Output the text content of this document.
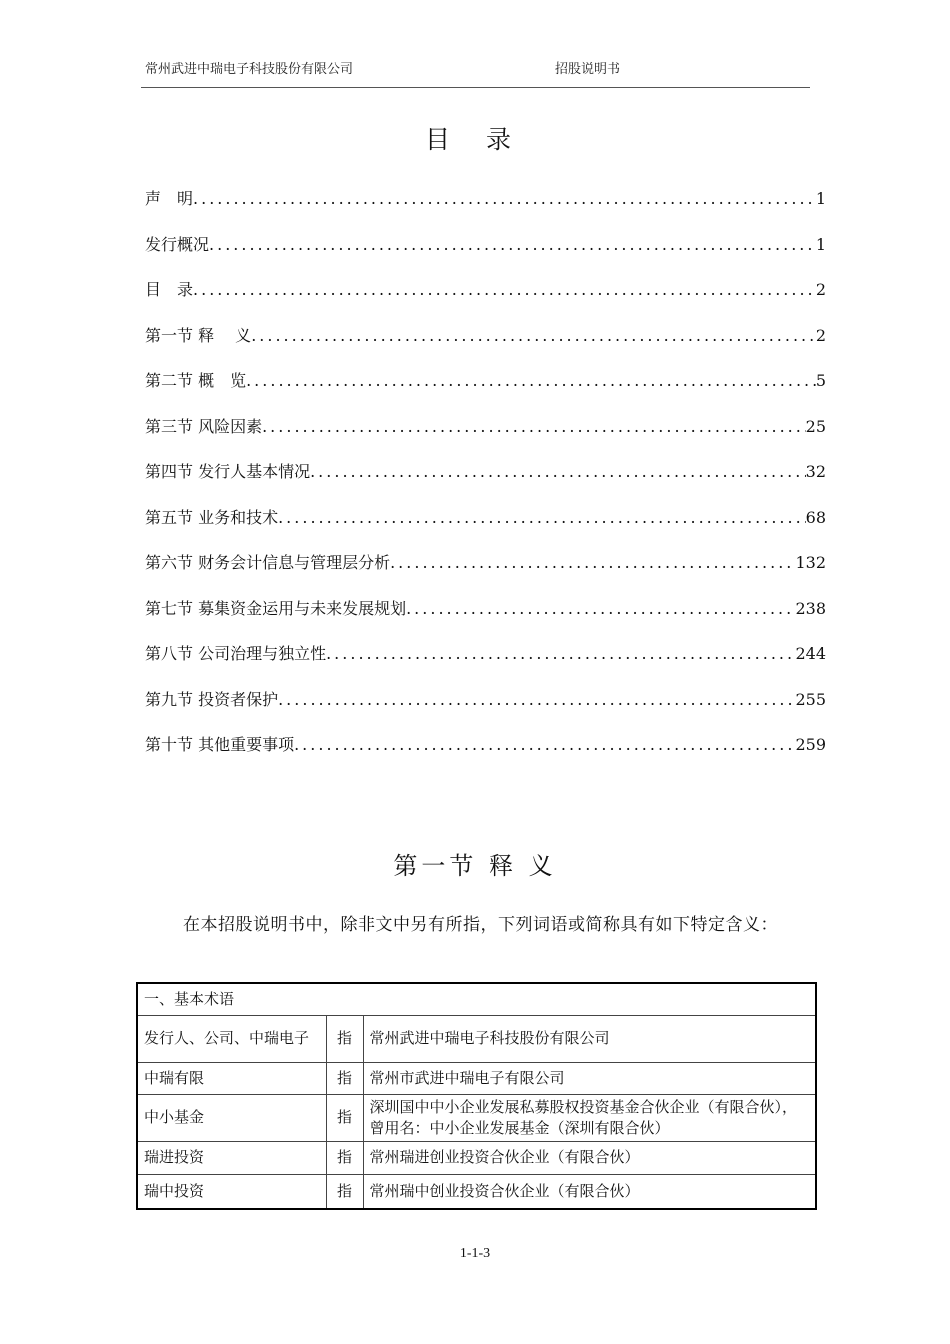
常州武进中瑞电子科技股份有限公司	招股说明书
目 录
声　明 .....	1
发行概况 .....	1
目　录 .....	2
第一节 释　 义 .....	2
第二节 概　览 .....	5
第三节 风险因素 .....	25
第四节 发行人基本情况 .....	32
第五节 业务和技术 .....	68
第六节 财务会计信息与管理层分析 .....	132
第七节 募集资金运用与未来发展规划 .....	238
第八节 公司治理与独立性 .....	244
第九节 投资者保护 .....	255
第十节 其他重要事项 .....	259
第一节 释 义
在本招股说明书中，除非文中另有所指，下列词语或简称具有如下特定含义：
一、基本术语		
发行人、公司、中瑞电子	指	常州武进中瑞电子科技股份有限公司
中瑞有限	指	常州市武进中瑞电子有限公司
中小基金	指	深圳国中中小企业发展私募股权投资基金合伙企业（有限合伙），曾用名：中小企业发展基金（深圳有限合伙）
瑞进投资	指	常州瑞进创业投资合伙企业（有限合伙）
瑞中投资	指	常州瑞中创业投资合伙企业（有限合伙）
1-1-3
